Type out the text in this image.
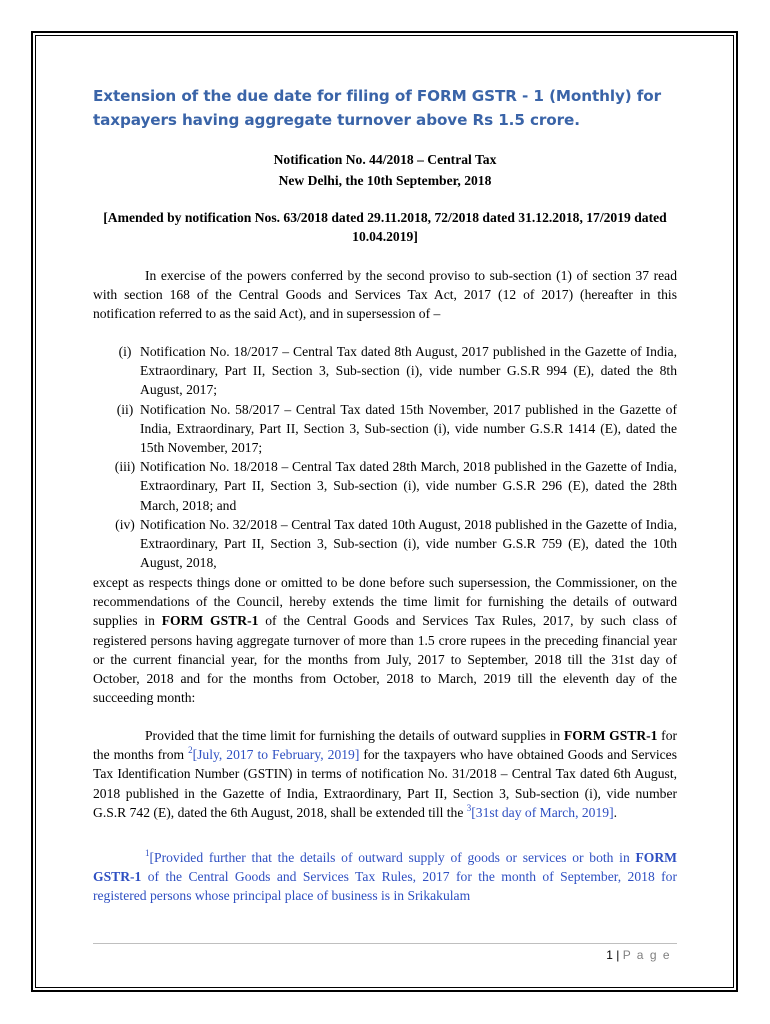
Extension of the due date for filing of FORM GSTR - 1 (Monthly) for taxpayers having aggregate turnover above Rs 1.5 crore.

Notification No. 44/2018 – Central Tax

New Delhi, the 10th September, 2018

[Amended by notification Nos. 63/2018 dated 29.11.2018, 72/2018 dated 31.12.2018, 17/2019 dated 10.04.2019]

In exercise of the powers conferred by the second proviso to sub-section (1) of section 37 read with section 168 of the Central Goods and Services Tax Act, 2017 (12 of 2017) (hereafter in this notification referred to as the said Act), and in supersession of –

(i) Notification No. 18/2017 – Central Tax dated 8th August, 2017 published in the Gazette of India, Extraordinary, Part II, Section 3, Sub-section (i), vide number G.S.R 994 (E), dated the 8th August, 2017;
(ii) Notification No. 58/2017 – Central Tax dated 15th November, 2017 published in the Gazette of India, Extraordinary, Part II, Section 3, Sub-section (i), vide number G.S.R 1414 (E), dated the 15th November, 2017;
(iii) Notification No. 18/2018 – Central Tax dated 28th March, 2018 published in the Gazette of India, Extraordinary, Part II, Section 3, Sub-section (i), vide number G.S.R 296 (E), dated the 28th March, 2018; and
(iv) Notification No. 32/2018 – Central Tax dated 10th August, 2018 published in the Gazette of India, Extraordinary, Part II, Section 3, Sub-section (i), vide number G.S.R 759 (E), dated the 10th August, 2018,

except as respects things done or omitted to be done before such supersession, the Commissioner, on the recommendations of the Council, hereby extends the time limit for furnishing the details of outward supplies in FORM GSTR-1 of the Central Goods and Services Tax Rules, 2017, by such class of registered persons having aggregate turnover of more than 1.5 crore rupees in the preceding financial year or the current financial year, for the months from July, 2017 to September, 2018 till the 31st day of October, 2018 and for the months from October, 2018 to March, 2019 till the eleventh day of the succeeding month:

Provided that the time limit for furnishing the details of outward supplies in FORM GSTR-1 for the months from $^2$[July, 2017 to February, 2019] for the taxpayers who have obtained Goods and Services Tax Identification Number (GSTIN) in terms of notification No. 31/2018 – Central Tax dated 6th August, 2018 published in the Gazette of India, Extraordinary, Part II, Section 3, Sub-section (i), vide number G.S.R 742 (E), dated the 6th August, 2018, shall be extended till the $^3$[31st day of March, 2019].

$^1$[Provided further that the details of outward supply of goods or services or both in FORM GSTR-1 of the Central Goods and Services Tax Rules, 2017 for the month of September, 2018 for registered persons whose principal place of business is in Srikakulam

1 | P a g e
